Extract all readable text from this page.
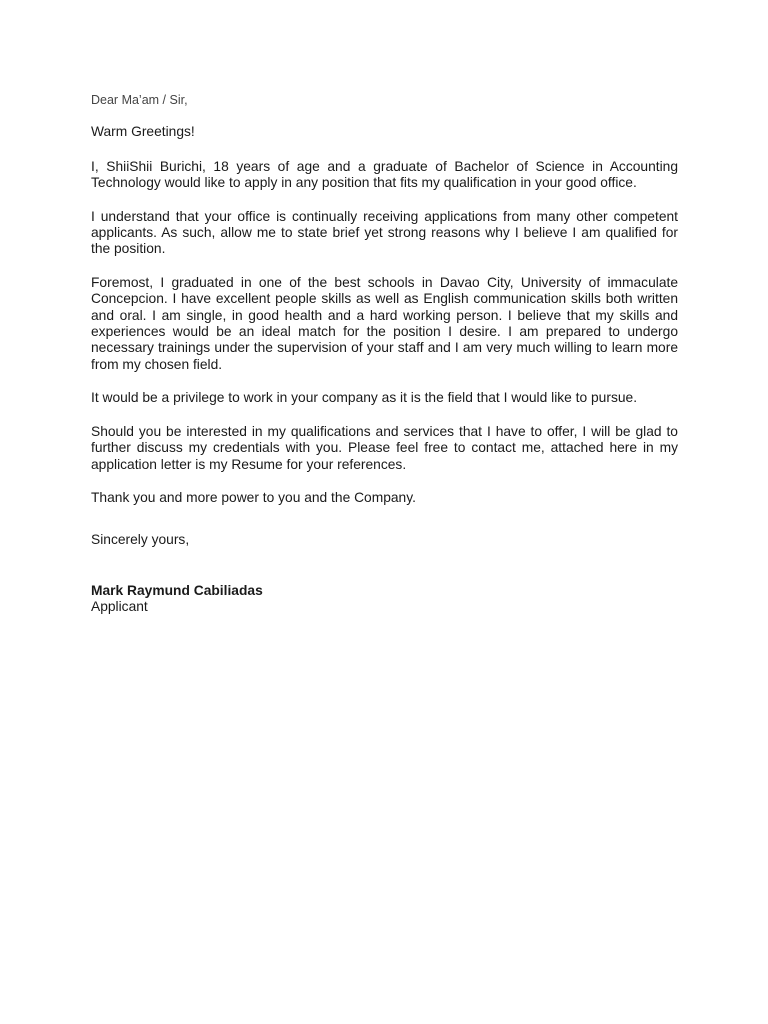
Dear Ma’am / Sir,

Warm Greetings!

I, ShiiShii Burichi, 18 years of age and a graduate of Bachelor of Science in Accounting Technology would like to apply in any position that fits my qualification in your good office.

I understand that your office is continually receiving applications from many other competent applicants. As such, allow me to state brief yet strong reasons why I believe I am qualified for the position.

Foremost, I graduated in one of the best schools in Davao City, University of immaculate Concepcion. I have excellent people skills as well as English communication skills both written and oral. I am single, in good health and a hard working person. I believe that my skills and experiences would be an ideal match for the position I desire. I am prepared to undergo necessary trainings under the supervision of your staff and I am very much willing to learn more from my chosen field.

It would be a privilege to work in your company as it is the field that I would like to pursue.

Should you be interested in my qualifications and services that I have to offer, I will be glad to further discuss my credentials with you. Please feel free to contact me, attached here in my application letter is my Resume for your references.

Thank you and more power to you and the Company.

Sincerely yours,

Mark Raymund Cabiliadas

Applicant
